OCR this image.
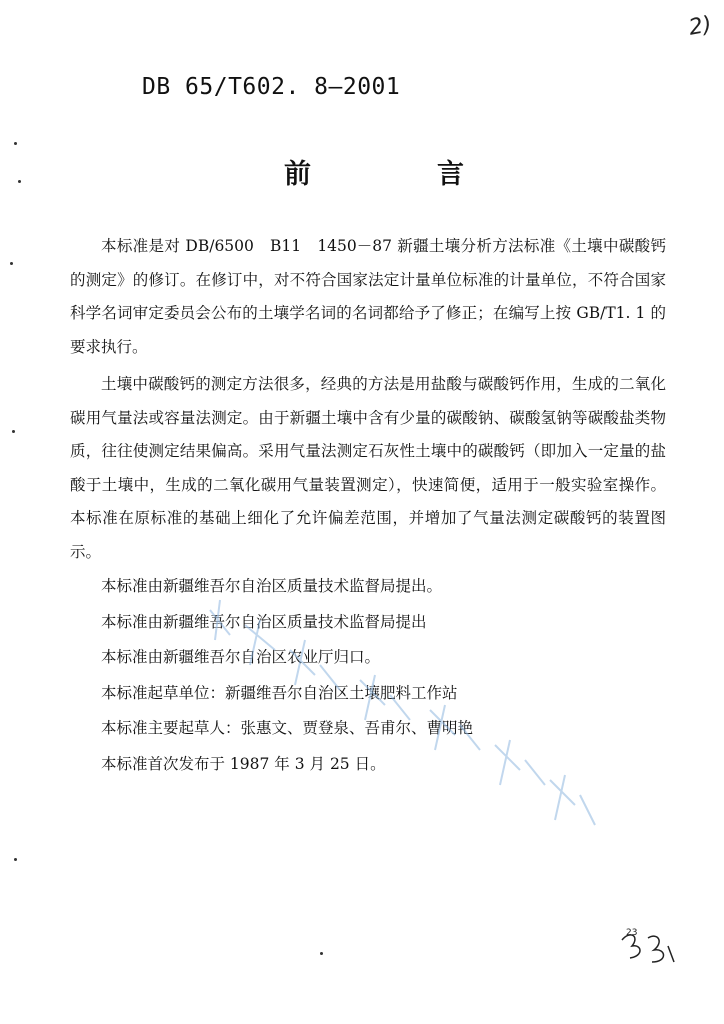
2)
DB 65/T602. 8—2001
前	言

本标准是对 DB/6500　B11　1450－87 新疆土壤分析方法标准《土壤中碳酸钙的测定》的修订。在修订中，对不符合国家法定计量单位标准的计量单位，不符合国家科学名词审定委员会公布的土壤学名词的名词都给予了修正；在编写上按 GB/T1. 1 的要求执行。

土壤中碳酸钙的测定方法很多，经典的方法是用盐酸与碳酸钙作用，生成的二氧化碳用气量法或容量法测定。由于新疆土壤中含有少量的碳酸钠、碳酸氢钠等碳酸盐类物质，往往使测定结果偏高。采用气量法测定石灰性土壤中的碳酸钙（即加入一定量的盐酸于土壤中，生成的二氧化碳用气量装置测定），快速简便，适用于一般实验室操作。本标准在原标准的基础上细化了允许偏差范围，并增加了气量法测定碳酸钙的装置图示。

本标准由新疆维吾尔自治区质量技术监督局提出。
本标准由新疆维吾尔自治区质量技术监督局提出
本标准由新疆维吾尔自治区农业厅归口。
本标准起草单位：新疆维吾尔自治区土壤肥料工作站
本标准主要起草人：张惠文、贾登泉、吾甫尔、曹明艳
本标准首次发布于 1987 年 3 月 25 日。
23
